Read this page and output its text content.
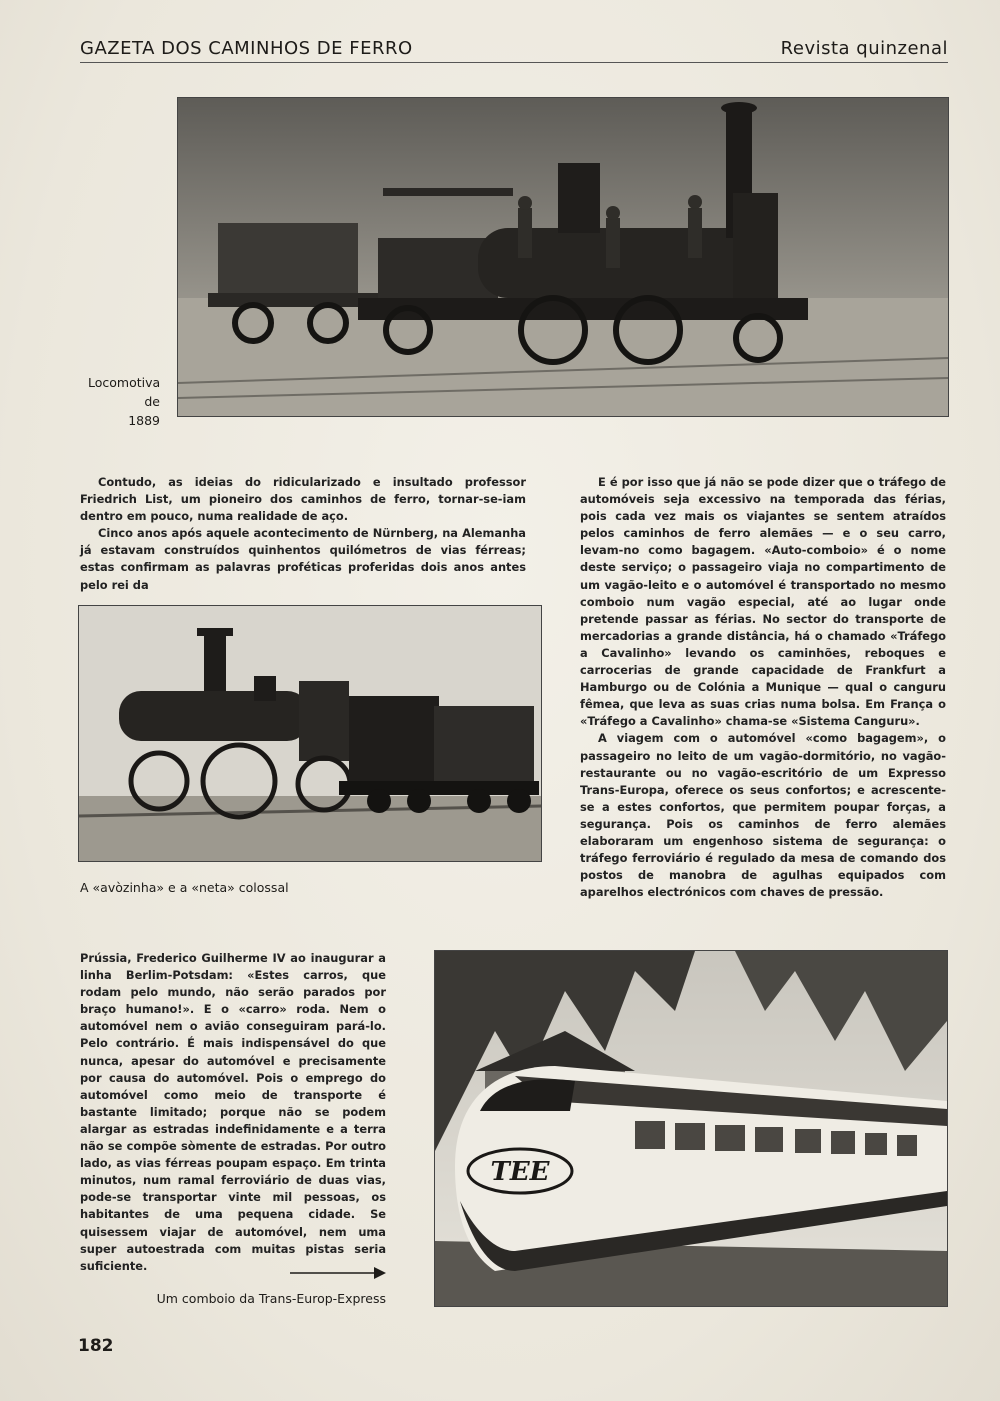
GAZETA DOS CAMINHOS DE FERRO	Revista quinzenal
Locomotiva
de
1889

Contudo, as ideias do ridicularizado e insultado professor Friedrich List, um pioneiro dos caminhos de ferro, tornar-se-iam dentro em pouco, numa realidade de aço.

Cinco anos após aquele acontecimento de Nürnberg, na Alemanha já estavam construídos quinhentos quilómetros de vias férreas; estas confirmam as palavras proféticas proferidas dois anos antes pelo rei da

A «avòzinha» e a «neta» colossal

Prússia, Frederico Guilherme IV ao inaugurar a linha Berlim-Potsdam: «Estes carros, que rodam pelo mundo, não serão parados por braço humano!». E o «carro» roda. Nem o automóvel nem o avião conseguiram pará-lo. Pelo contrário. É mais indispensável do que nunca, apesar do automóvel e precisamente por causa do automóvel. Pois o emprego do automóvel como meio de transporte é bastante limitado; porque não se podem alargar as estradas indefinidamente e a terra não se compõe sòmente de estradas. Por outro lado, as vias férreas poupam espaço. Em trinta minutos, num ramal ferroviário de duas vias, pode-se transportar vinte mil pessoas, os habitantes de uma pequena cidade. Se quisessem viajar de automóvel, nem uma super autoestrada com muitas pistas seria suficiente.

Um comboio da Trans-Europ-Express

E é por isso que já não se pode dizer que o tráfego de automóveis seja excessivo na temporada das férias, pois cada vez mais os viajantes se sentem atraídos pelos caminhos de ferro alemães — e o seu carro, levam-no como bagagem. «Auto-comboio» é o nome deste serviço; o passageiro viaja no compartimento de um vagão-leito e o automóvel é transportado no mesmo comboio num vagão especial, até ao lugar onde pretende passar as férias. No sector do transporte de mercadorias a grande distância, há o chamado «Tráfego a Cavalinho» levando os caminhões, reboques e carrocerias de grande capacidade de Frankfurt a Hamburgo ou de Colónia a Munique — qual o canguru fêmea, que leva as suas crias numa bolsa. Em França o «Tráfego a Cavalinho» chama-se «Sistema Canguru».

A viagem com o automóvel «como bagagem», o passageiro no leito de um vagão-dormitório, no vagão-restaurante ou no vagão-escritório de um Expresso Trans-Europa, oferece os seus confortos; e acrescente-se a estes confortos, que permitem poupar forças, a segurança. Pois os caminhos de ferro alemães elaboraram um engenhoso sistema de segurança: o tráfego ferroviário é regulado da mesa de comando dos postos de manobra de agulhas equipados com aparelhos electrónicos com chaves de pressão.

TEE
182
